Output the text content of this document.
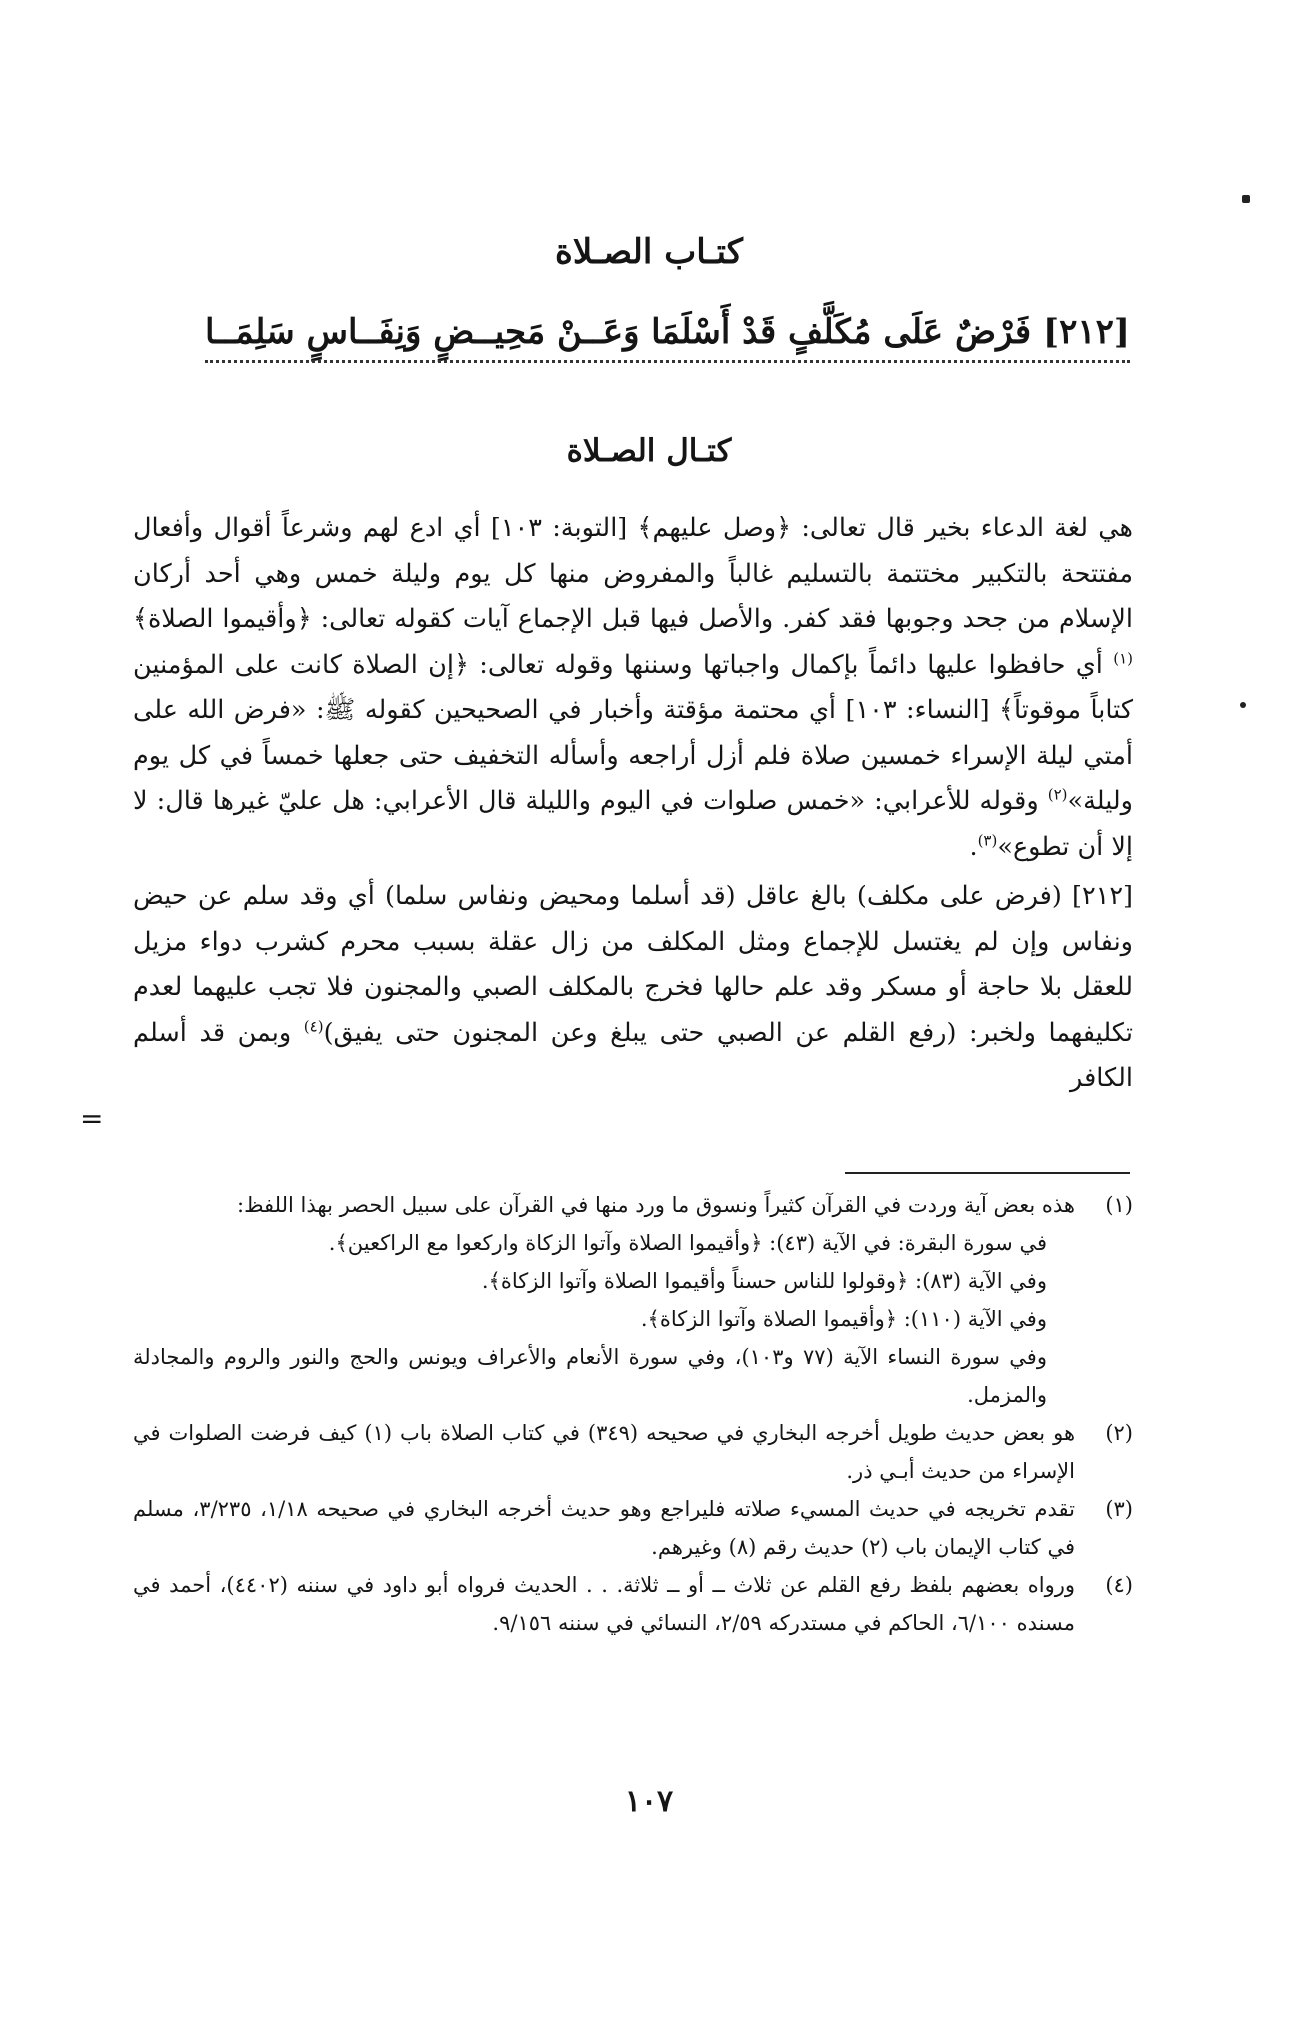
كتـاب الصـلاة
[٢١٢] فَرْضٌ عَلَى مُكَلَّفٍ قَدْ أَسْلَمَا
وَعَــنْ مَحِيــضٍ وَنِفَــاسٍ سَلِمَــا
كتـال الصـلاة

هي لغة الدعاء بخير قال تعالى: ﴿وصل عليهم﴾ [التوبة: ١٠٣] أي ادع لهم وشرعاً أقوال وأفعال مفتتحة بالتكبير مختتمة بالتسليم غالباً والمفروض منها كل يوم وليلة خمس وهي أحد أركان الإسلام من جحد وجوبها فقد كفر. والأصل فيها قبل الإجماع آيات كقوله تعالى: ﴿وأقيموا الصلاة﴾$^{(١)}$ أي حافظوا عليها دائماً بإكمال واجباتها وسننها وقوله تعالى: ﴿إن الصلاة كانت على المؤمنين كتاباً موقوتاً﴾ [النساء: ١٠٣] أي محتمة مؤقتة وأخبار في الصحيحين كقوله ﷺ: «فرض الله على أمتي ليلة الإسراء خمسين صلاة فلم أزل أراجعه وأسأله التخفيف حتى جعلها خمساً في كل يوم وليلة»$^{(٢)}$ وقوله للأعرابي: «خمس صلوات في اليوم والليلة قال الأعرابي: هل عليّ غيرها قال: لا إلا أن تطوع»$^{(٣)}$.

[٢١٢] (فرض على مكلف) بالغ عاقل (قد أسلما ومحيض ونفاس سلما) أي وقد سلم عن حيض ونفاس وإن لم يغتسل للإجماع ومثل المكلف من زال عقلة بسبب محرم كشرب دواء مزيل للعقل بلا حاجة أو مسكر وقد علم حالها فخرج بالمكلف الصبي والمجنون فلا تجب عليهما لعدم تكليفهما ولخبر: (رفع القلم عن الصبي حتى يبلغ وعن المجنون حتى يفيق)$^{(٤)}$ وبمن قد أسلم الكافر

=
(١)
هذه بعض آية وردت في القرآن كثيراً ونسوق ما ورد منها في القرآن على سبيل الحصر بهذا اللفظ:
في سورة البقرة: في الآية (٤٣): ﴿وأقيموا الصلاة وآتوا الزكاة واركعوا مع الراكعين﴾.
وفي الآية (٨٣): ﴿وقولوا للناس حسناً وأقيموا الصلاة وآتوا الزكاة﴾.
وفي الآية (١١٠): ﴿وأقيموا الصلاة وآتوا الزكاة﴾.
وفي سورة النساء الآية (٧٧ و١٠٣)، وفي سورة الأنعام والأعراف ويونس والحج والنور والروم والمجادلة والمزمل.
(٢)
هو بعض حديث طويل أخرجه البخاري في صحيحه (٣٤٩) في كتاب الصلاة باب (١) كيف فرضت الصلوات في الإسراء من حديث أبـي ذر.
(٣)
تقدم تخريجه في حديث المسيء صلاته فليراجع وهو حديث أخرجه البخاري في صحيحه ١/١٨، ٣/٢٣٥، مسلم في كتاب الإيمان باب (٢) حديث رقم (٨) وغيرهم.
(٤)
ورواه بعضهم بلفظ رفع القلم عن ثلاث ــ أو ــ ثلاثة. . . الحديث فرواه أبو داود في سننه (٤٤٠٢)، أحمد في مسنده ٦/١٠٠، الحاكم في مستدركه ٢/٥٩، النسائي في سننه ٩/١٥٦.
١٠٧
